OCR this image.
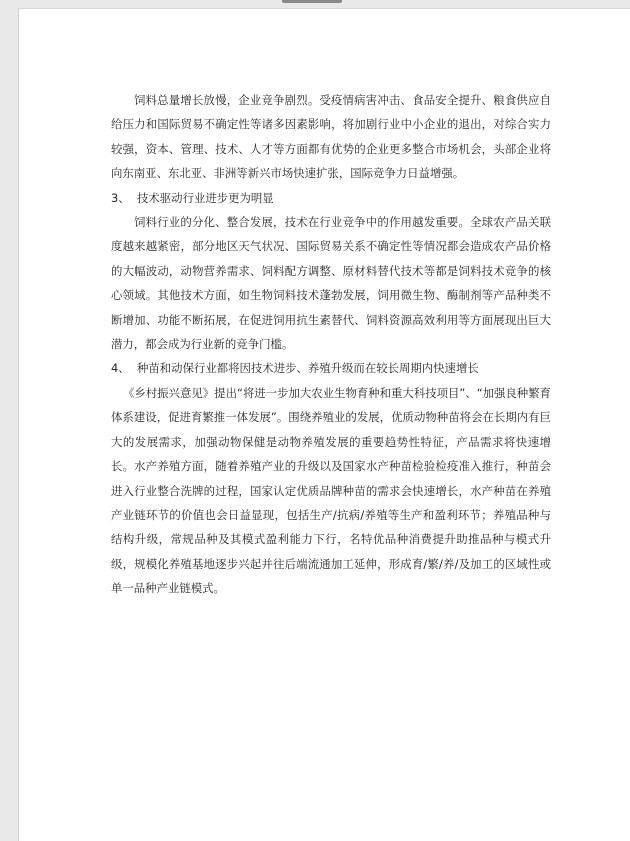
饲料总量增长放慢，企业竞争剧烈。受疫情病害冲击、食品安全提升、粮食供应自给压力和国际贸易不确定性等诸多因素影响，将加剧行业中小企业的退出，对综合实力较强，资本、管理、技术、人才等方面都有优势的企业更多整合市场机会，头部企业将向东南亚、东北亚、非洲等新兴市场快速扩张，国际竞争力日益增强。

3、 技术驱动行业进步更为明显

饲料行业的分化、整合发展，技术在行业竞争中的作用越发重要。全球农产品关联度越来越紧密，部分地区天气状况、国际贸易关系不确定性等情况都会造成农产品价格的大幅波动，动物营养需求、饲料配方调整、原材料替代技术等都是饲料技术竞争的核心领域。其他技术方面，如生物饲料技术蓬勃发展，饲用微生物、酶制剂等产品种类不断增加、功能不断拓展，在促进饲用抗生素替代、饲料资源高效利用等方面展现出巨大潜力，都会成为行业新的竞争门槛。

4、 种苗和动保行业都将因技术进步、养殖升级而在较长周期内快速增长

《乡村振兴意见》提出“将进一步加大农业生物育种和重大科技项目”、“加强良种繁育体系建设，促进育繁推一体发展”。围绕养殖业的发展，优质动物种苗将会在长期内有巨大的发展需求，加强动物保健是动物养殖发展的重要趋势性特征，产品需求将快速增长。水产养殖方面，随着养殖产业的升级以及国家水产种苗检验检疫准入推行，种苗会进入行业整合洗牌的过程，国家认定优质品牌种苗的需求会快速增长，水产种苗在养殖产业链环节的价值也会日益显现，包括生产/抗病/养殖等生产和盈利环节；养殖品种与结构升级，常规品种及其模式盈利能力下行，名特优品种消费提升助推品种与模式升级，规模化养殖基地逐步兴起并往后端流通加工延伸，形成育/繁/养/及加工的区域性或单一品种产业链模式。
